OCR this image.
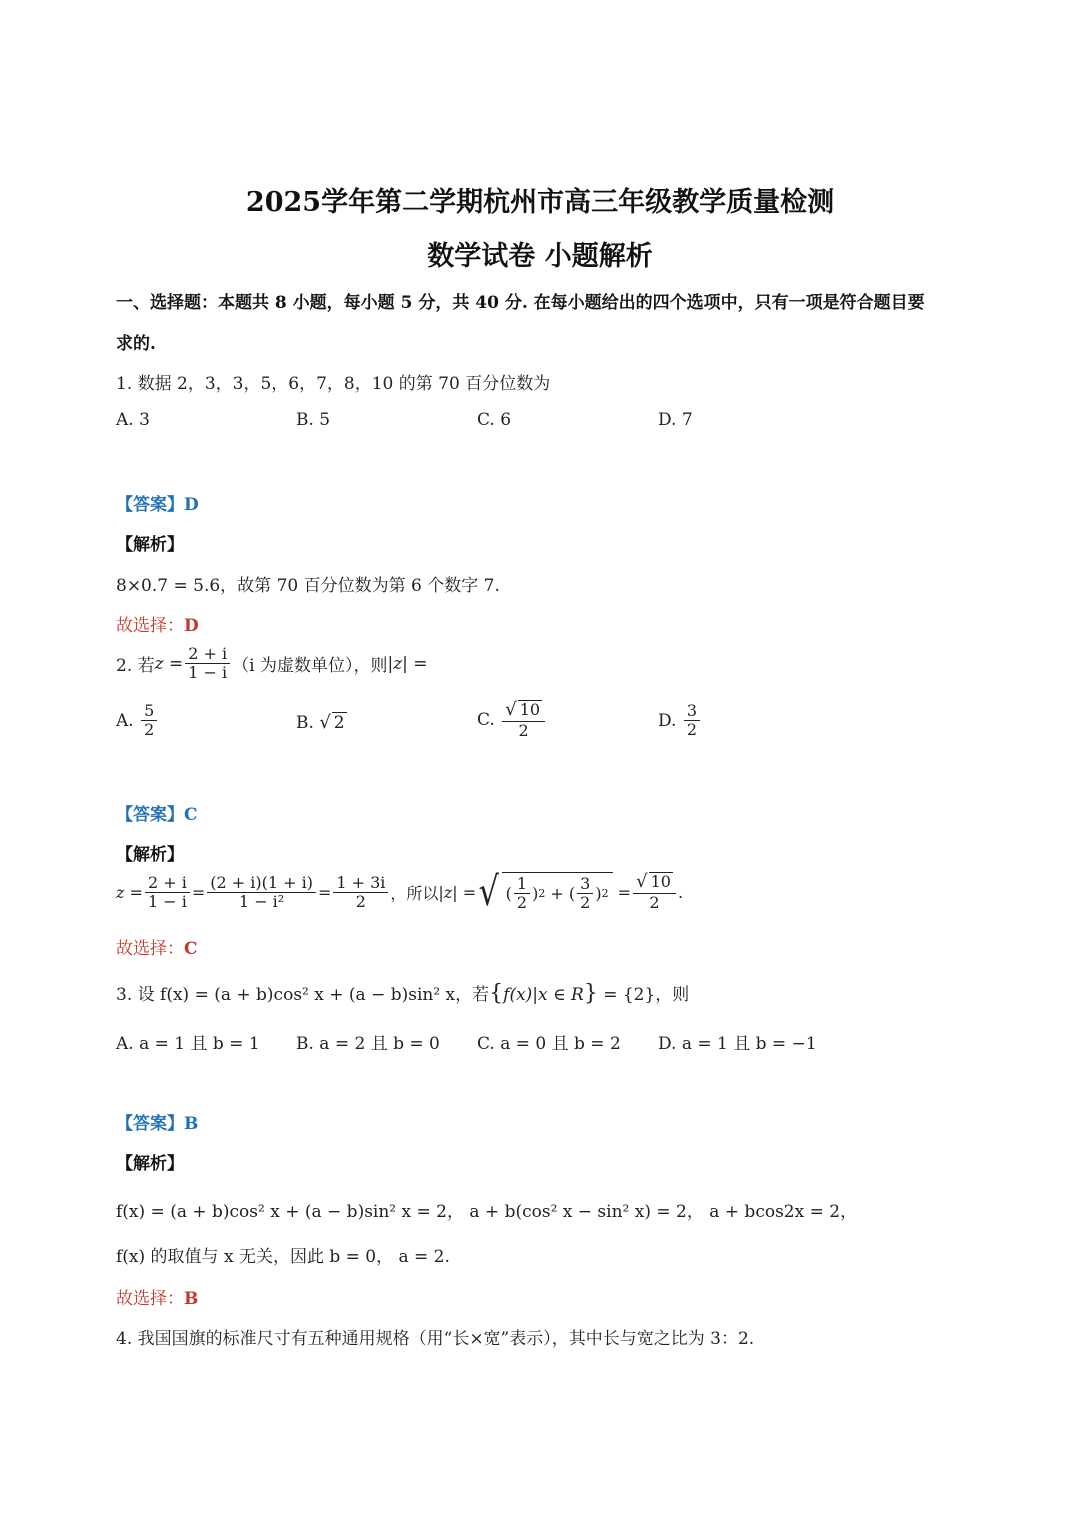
2025学年第二学期杭州市高三年级教学质量检测
数学试卷 小题解析
一、选择题：本题共 8 小题，每小题 5 分，共 40 分. 在每小题给出的四个选项中，只有一项是符合题目要
求的.
1. 数据 2，3，3，5，6，7，8，10 的第 70 百分位数为
A. 3	B. 5	C. 6	D. 7
【答案】D
【解析】
8×0.7 = 5.6，故第 70 百分位数为第 6 个数字 7.
故选择：D
2. 若 $z = \frac{2 + i}{1 - i} (i$ 为虚数单位），则 |z| =
A.
$\frac{5}{2}$	B. √ 2	C.
$\frac{√ 10}{2}$	D.
$\frac{3}{2}$
【答案】C
【解析】
$z = \frac{2 + i}{1 - i} = \frac{(2 + i)(1 + i)}{\text{1 − i²}} = \frac{1 + 3i}{2}$ ，所以 |z| = √ ( $\frac{1}{2}$ ) 2 + ( $\frac{3}{2}$ ) $2 = \frac{√ 10}{2}$ .
故选择：C
3. 设 f(x) = (a + b)cos² x + (a − b)sin² x，若{f(x)|x ∈ R} = {2}，则
A. a = 1 且 b = 1 B. a = 2 且 b = 0 C. a = 0 且 b = 2 D. a = 1 且 b = −1
【答案】B
【解析】
f(x) = (a + b)cos² x + (a − b)sin² x = 2， a + b(cos² x − sin² x) = 2， a + bcos2x = 2，
f(x) 的取值与 x 无关，因此 b = 0， a = 2.
故选择：B
4. 我国国旗的标准尺寸有五种通用规格（用“长×宽”表示），其中长与宽之比为 3：2.
